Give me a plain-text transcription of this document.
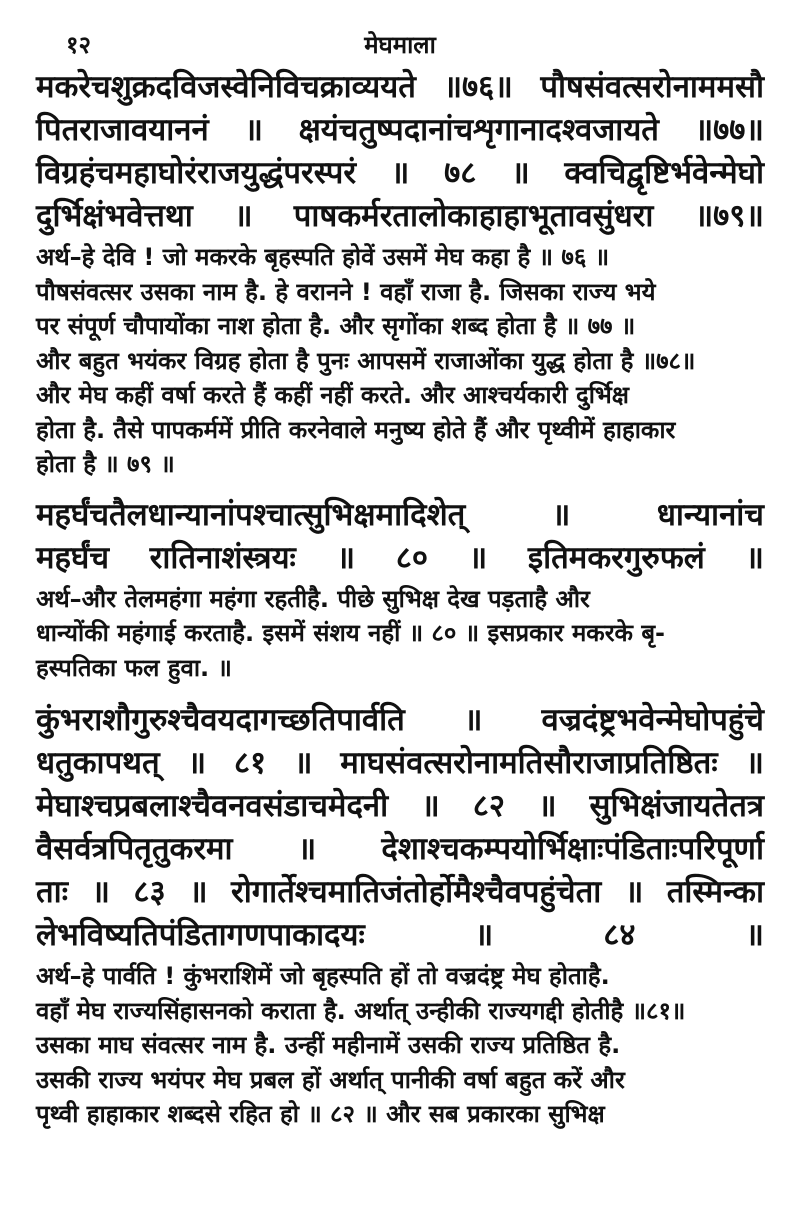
१२	मेघमाला
मकरेचशुक्रदविजस्वेनिविचक्राव्ययते ॥७६॥ पौषसंवत्सरोनाममसौ
पितराजावयाननं ॥ क्षयंचतुष्पदानांचशृगानादश्वजायते ॥७७॥
विग्रहंचमहाघोरंराजयुद्धंपरस्परं ॥ ७८ ॥ क्वचिद्वृष्टिर्भवेन्मेघो
दुर्भिक्षंभवेत्तथा ॥ पाषकर्मरतालोकाहाहाभूतावसुंधरा ॥७९॥
अर्थ–हे देवि ! जो मकरके बृहस्पति होवें उसमें मेघ कहा है ॥ ७६ ॥
पौषसंवत्सर उसका नाम है. हे वरानने ! वहाँ राजा है. जिसका राज्य भये
पर संपूर्ण चौपायोंका नाश होता है. और सृगोंका शब्द होता है ॥ ७७ ॥
और बहुत भयंकर विग्रह होता है पुनः आपसमें राजाओंका युद्ध होता है ॥७८॥
और मेघ कहीं वर्षा करते हैं कहीं नहीं करते. और आश्चर्यकारी दुर्भिक्ष
होता है. तैसे पापकर्ममें प्रीति करनेवाले मनुष्य होते हैं और पृथ्वीमें हाहाकार
होता है ॥ ७९ ॥
महर्घंचतैलधान्यानांपश्चात्सुभिक्षमादिशेत् ॥ धान्यानांच
महर्घंच रातिनाशंस्त्रयः ॥ ८० ॥ इतिमकरगुरुफलं ॥
अर्थ–और तेलमहंगा महंगा रहतीहै. पीछे सुभिक्ष देख पड़ताहै और
धान्योंकी महंगाई करताहै. इसमें संशय नहीं ॥ ८० ॥ इसप्रकार मकरके बृ-
हस्पतिका फल हुवा. ॥
कुंभराशौगुरुश्चैवयदागच्छतिपार्वति ॥ वज्रदंष्ट्रभवेन्मेघोपहुंचे
धतुकापथत् ॥ ८१ ॥ माघसंवत्सरोनामतिसौराजाप्रतिष्ठितः ॥
मेघाश्चप्रबलाश्चैवनवसंडाचमेदनी ॥ ८२ ॥ सुभिक्षंजायतेतत्र
वैसर्वत्रपितृतुकरमा ॥ देशाश्चकम्पयोर्भिक्षाःपंडिताःपरिपूर्णा
ताः ॥ ८३ ॥ रोगार्तेश्चमातिजंतोर्होमैश्चैवपहुंचेता ॥ तस्मिन्का
लेभविष्यतिपंडितागणपाकादयः ॥ ८४ ॥
अर्थ–हे पार्वति ! कुंभराशिमें जो बृहस्पति हों तो वज्रदंष्ट्र मेघ होताहै.
वहाँ मेघ राज्यसिंहासनको कराता है. अर्थात् उन्हीकी राज्यगद्दी होतीहै ॥८१॥
उसका माघ संवत्सर नाम है. उन्हीं महीनामें उसकी राज्य प्रतिष्ठित है.
उसकी राज्य भयंपर मेघ प्रबल हों अर्थात् पानीकी वर्षा बहुत करें और
पृथ्वी हाहाकार शब्दसे रहित हो ॥ ८२ ॥ और सब प्रकारका सुभिक्ष
